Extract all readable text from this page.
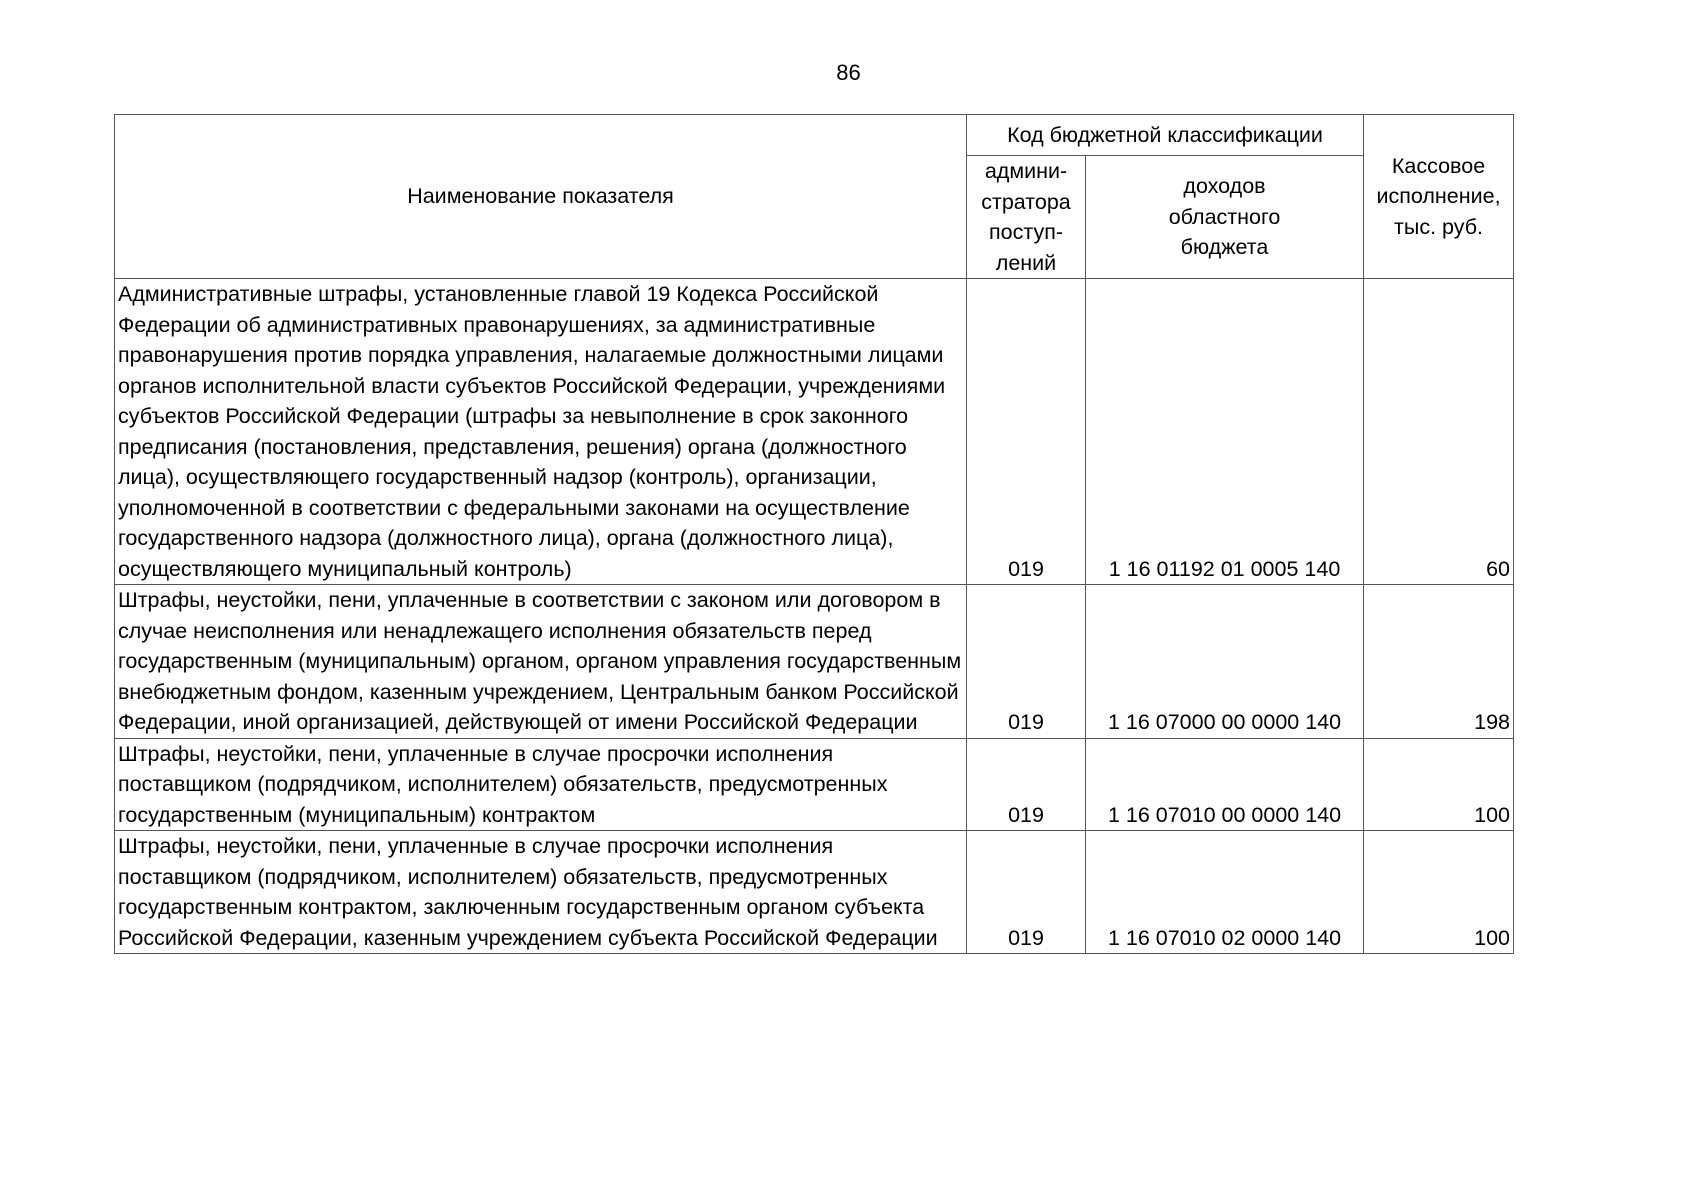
86
Наименование показателя	Код бюджетной классификации		Кассовое
исполнение,
тыс. руб.

	админи-
стратора
поступ-
лений	доходов
областного
бюджета	

Административные штрафы, установленные главой 19 Кодекса Российской Федерации об административных правонарушениях, за административные правонарушения против порядка управления, налагаемые должностными лицами органов исполнительной власти субъектов Российской Федерации, учреждениями субъектов Российской Федерации (штрафы за невыполнение в срок законного предписания (постановления, представления, решения) органа (должностного лица), осуществляющего государственный надзор (контроль), организации, уполномоченной в соответствии с федеральными законами на осуществление государственного надзора (должностного лица), органа (должностного лица), осуществляющего муниципальный контроль)	019	1 16 01192 01 0005 140	60
Штрафы, неустойки, пени, уплаченные в соответствии с законом или договором в случае неисполнения или ненадлежащего исполнения обязательств перед государственным (муниципальным) органом, органом управления государственным внебюджетным фондом, казенным учреждением, Центральным банком Российской Федерации, иной организацией, действующей от имени Российской Федерации	019	1 16 07000 00 0000 140	198
Штрафы, неустойки, пени, уплаченные в случае просрочки исполнения поставщиком (подрядчиком, исполнителем) обязательств, предусмотренных государственным (муниципальным) контрактом	019	1 16 07010 00 0000 140	100
Штрафы, неустойки, пени, уплаченные в случае просрочки исполнения поставщиком (подрядчиком, исполнителем) обязательств, предусмотренных государственным контрактом, заключенным государственным органом субъекта Российской Федерации, казенным учреждением субъекта Российской Федерации	019	1 16 07010 02 0000 140	100
